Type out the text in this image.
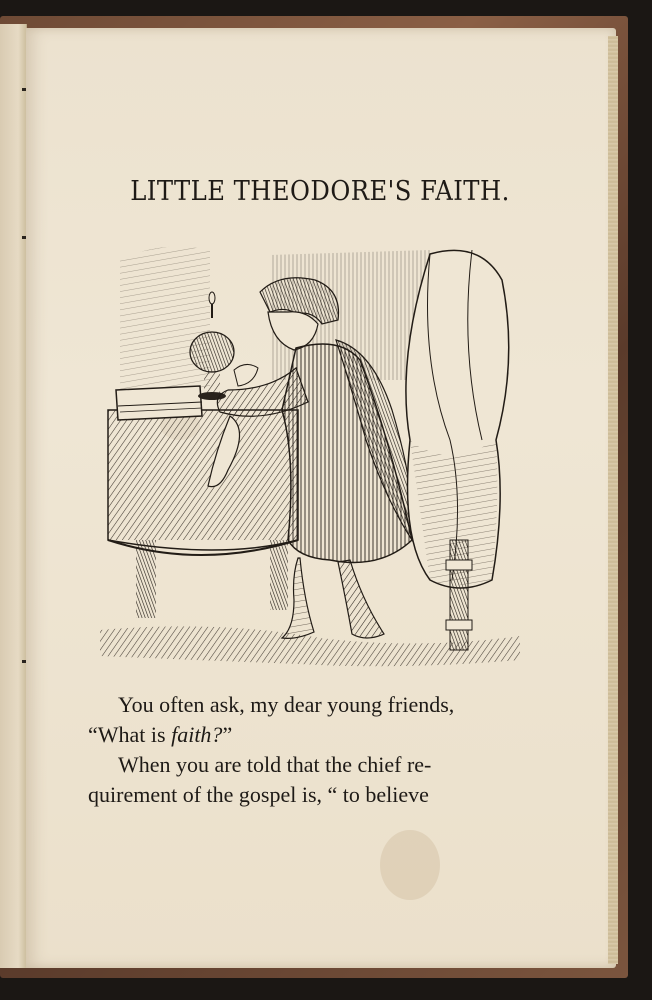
LITTLE THEODORE'S FAITH.
You often ask, my dear young friends,
“What is faith?”
When you are told that the chief re-
quirement of the gospel is, “ to believe
